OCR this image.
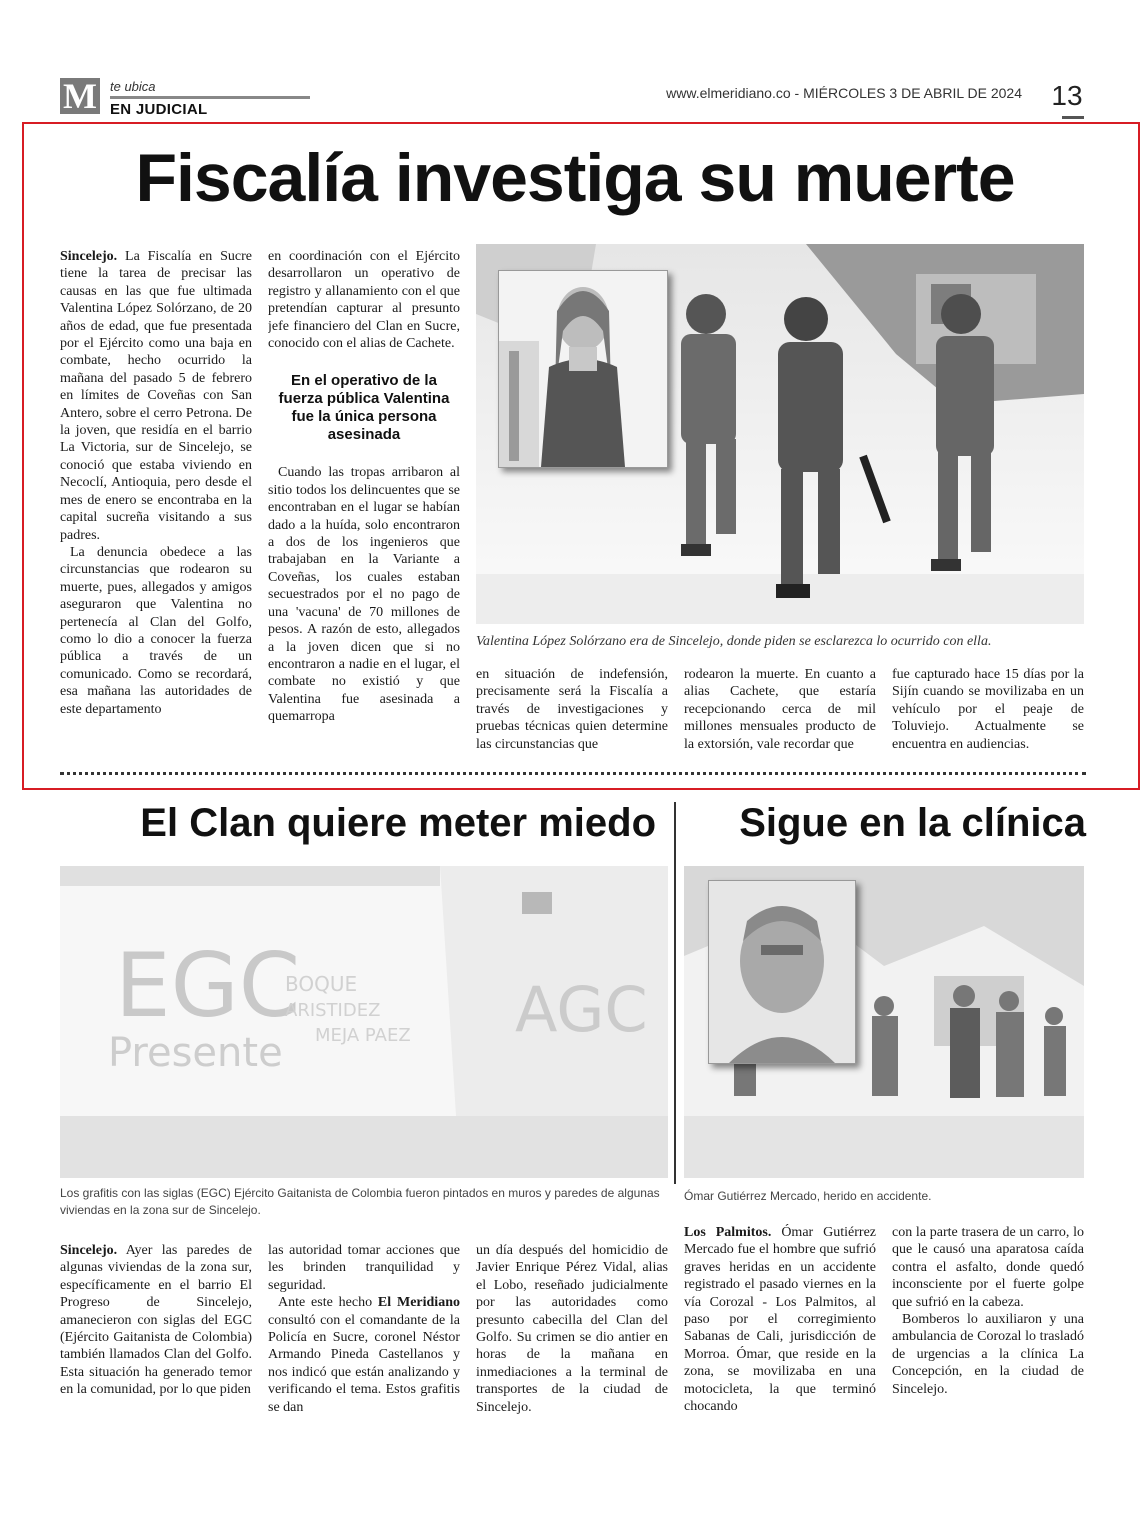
M te ubica
EN JUDICIAL
www.elmeridiano.co - MIÉRCOLES 3 DE ABRIL DE 2024 13
Fiscalía investiga su muerte

Sincelejo. La Fiscalía en Sucre tiene la tarea de precisar las causas en las que fue ultimada Valentina López Solórzano, de 20 años de edad, que fue presentada por el Ejército como una baja en combate, hecho ocurrido la mañana del pasado 5 de febrero en límites de Coveñas con San Antero, sobre el cerro Petrona. De la joven, que residía en el barrio La Victoria, sur de Sincelejo, se conoció que estaba viviendo en Necoclí, Antioquia, pero desde el mes de enero se encontraba en la capital sucreña visitando a sus padres.

La denuncia obedece a las circunstancias que rodearon su muerte, pues, allegados y amigos aseguraron que Valentina no pertenecía al Clan del Golfo, como lo dio a conocer la fuerza pública a través de un comunicado. Como se recordará, esa mañana las autoridades de este departamento

en coordinación con el Ejército desarrollaron un operativo de registro y allanamiento con el que pretendían capturar al presunto jefe financiero del Clan en Sucre, conocido con el alias de Cachete.

En el operativo de la fuerza pública Valentina fue la única persona asesinada

Cuando las tropas arribaron al sitio todos los delincuentes que se encontraban en el lugar se habían dado a la huída, solo encontraron a dos de los ingenieros que trabajaban en la Variante a Coveñas, los cuales estaban secuestrados por el no pago de una 'vacuna' de 70 millones de pesos. A razón de esto, allegados a la joven dicen que si no encontraron a nadie en el lugar, el combate no existió y que Valentina fue asesinada a quemarropa

Valentina López Solórzano era de Sincelejo, donde piden se esclarezca lo ocurrido con ella.

en situación de indefensión, precisamente será la Fiscalía a través de investigaciones y pruebas técnicas quien determine las circunstancias que

rodearon la muerte. En cuanto a alias Cachete, que estaría recepcionando cerca de mil millones mensuales producto de la extorsión, vale recordar que

fue capturado hace 15 días por la Sijín cuando se movilizaba en un vehículo por el peaje de Toluviejo. Actualmente se encuentra en audiencias.

El Clan quiere meter miedo	Sigue en la clínica
EGC
Presente
BOQUE
ARISTIDEZ
MEJA PAEZ AGC
Los grafitis con las siglas (EGC) Ejército Gaitanista de Colombia fueron pintados en muros y paredes de algunas viviendas en la zona sur de Sincelejo.
Ómar Gutiérrez Mercado, herido en accidente.

Sincelejo. Ayer las paredes de algunas viviendas de la zona sur, específicamente en el barrio El Progreso de Sincelejo, amanecieron con siglas del EGC (Ejército Gaitanista de Colombia) también llamados Clan del Golfo. Esta situación ha generado temor en la comunidad, por lo que piden

las autoridad tomar acciones que les brinden tranquilidad y seguridad.

Ante este hecho El Meridiano consultó con el comandante de la Policía en Sucre, coronel Néstor Armando Pineda Castellanos y nos indicó que están analizando y verificando el tema. Estos grafitis se dan

un día después del homicidio de Javier Enrique Pérez Vidal, alias el Lobo, reseñado judicialmente por las autoridades como presunto cabecilla del Clan del Golfo. Su crimen se dio antier en horas de la mañana en inmediaciones a la terminal de transportes de la ciudad de Sincelejo.

Los Palmitos. Ómar Gutiérrez Mercado fue el hombre que sufrió graves heridas en un accidente registrado el pasado viernes en la vía Corozal - Los Palmitos, al paso por el corregimiento Sabanas de Cali, jurisdicción de Morroa. Ómar, que reside en la zona, se movilizaba en una motocicleta, la que terminó chocando

con la parte trasera de un carro, lo que le causó una aparatosa caída contra el asfalto, donde quedó inconsciente por el fuerte golpe que sufrió en la cabeza.

Bomberos lo auxiliaron y una ambulancia de Corozal lo trasladó de urgencias a la clínica La Concepción, en la ciudad de Sincelejo.
